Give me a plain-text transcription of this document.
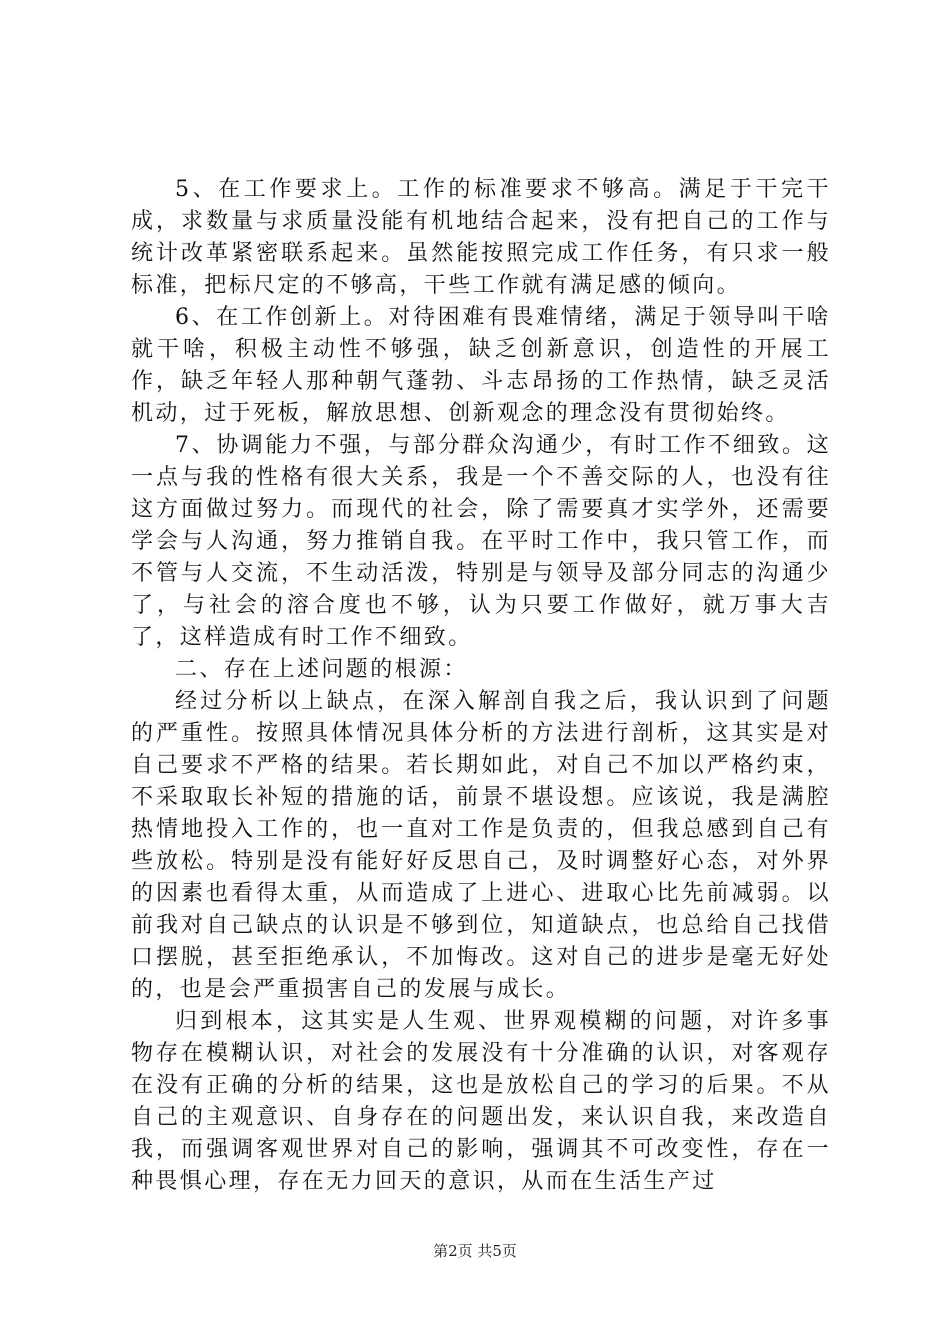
5、在工作要求上。工作的标准要求不够高。满足于干完干成，求数量与求质量没能有机地结合起来，没有把自己的工作与统计改革紧密联系起来。虽然能按照完成工作任务，有只求一般标准，把标尺定的不够高，干些工作就有满足感的倾向。

6、在工作创新上。对待困难有畏难情绪，满足于领导叫干啥就干啥，积极主动性不够强，缺乏创新意识，创造性的开展工作，缺乏年轻人那种朝气蓬勃、斗志昂扬的工作热情，缺乏灵活机动，过于死板，解放思想、创新观念的理念没有贯彻始终。

7、协调能力不强，与部分群众沟通少，有时工作不细致。这一点与我的性格有很大关系，我是一个不善交际的人，也没有往这方面做过努力。而现代的社会，除了需要真才实学外，还需要学会与人沟通，努力推销自我。在平时工作中，我只管工作，而不管与人交流，不生动活泼，特别是与领导及部分同志的沟通少了，与社会的溶合度也不够，认为只要工作做好，就万事大吉了，这样造成有时工作不细致。

二、存在上述问题的根源：

经过分析以上缺点，在深入解剖自我之后，我认识到了问题的严重性。按照具体情况具体分析的方法进行剖析，这其实是对自己要求不严格的结果。若长期如此，对自己不加以严格约束，不采取取长补短的措施的话，前景不堪设想。应该说，我是满腔热情地投入工作的，也一直对工作是负责的，但我总感到自己有些放松。特别是没有能好好反思自己，及时调整好心态，对外界的因素也看得太重，从而造成了上进心、进取心比先前减弱。以前我对自己缺点的认识是不够到位，知道缺点，也总给自己找借口摆脱，甚至拒绝承认，不加悔改。这对自己的进步是毫无好处的，也是会严重损害自己的发展与成长。

归到根本，这其实是人生观、世界观模糊的问题，对许多事物存在模糊认识，对社会的发展没有十分准确的认识，对客观存在没有正确的分析的结果，这也是放松自己的学习的后果。不从自己的主观意识、自身存在的问题出发，来认识自我，来改造自我，而强调客观世界对自己的影响，强调其不可改变性，存在一种畏惧心理，存在无力回天的意识，从而在生活生产过

第2页 共5页
